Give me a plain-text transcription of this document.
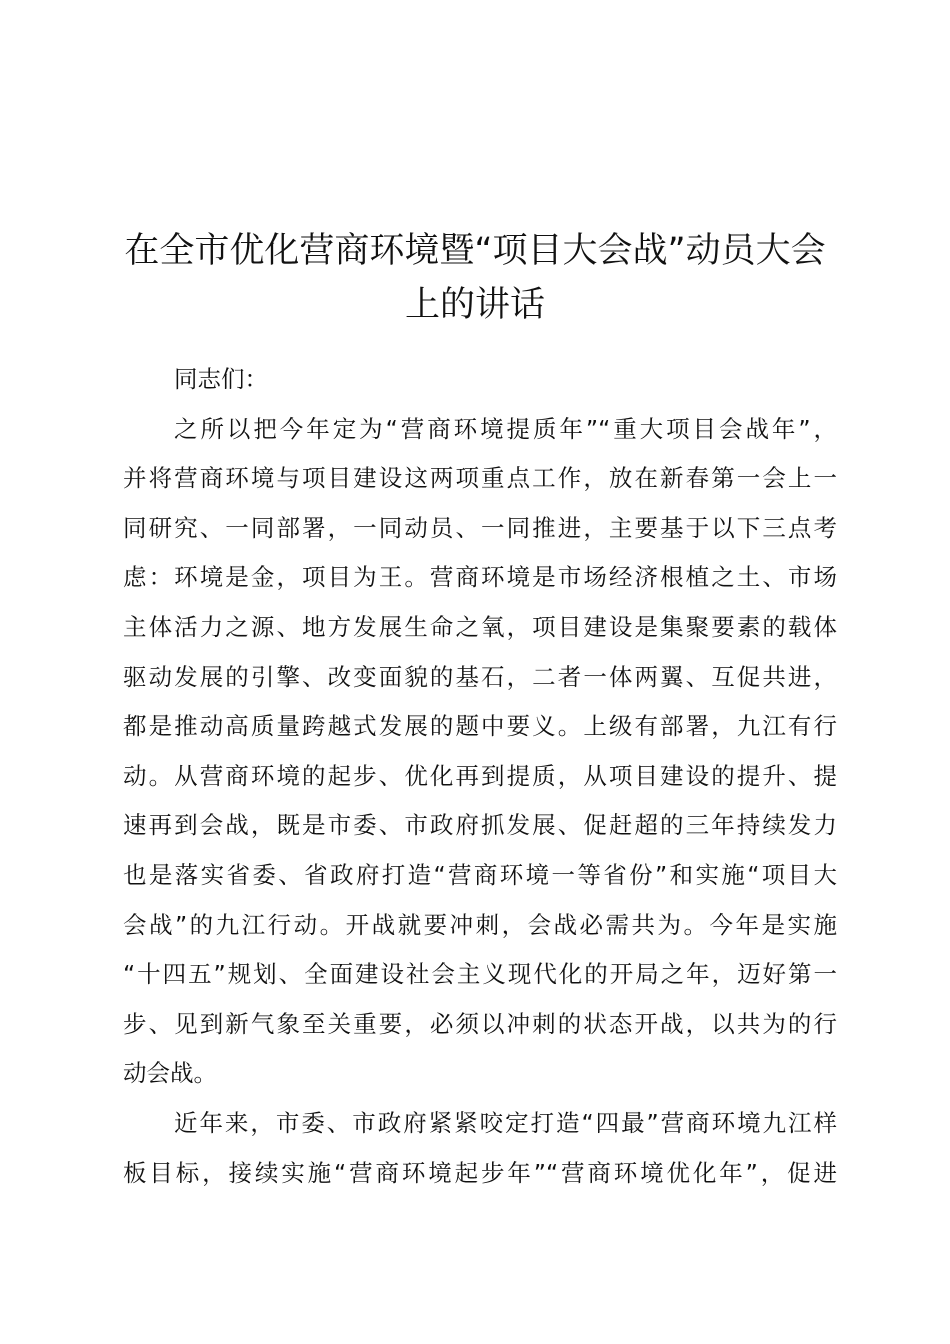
在全市优化营商环境暨“项目大会战”动员大会
上的讲话
同志们：
之所以把今年定为“营商环境提质年”“重大项目会战年”，
并将营商环境与项目建设这两项重点工作，放在新春第一会上一
同研究、一同部署，一同动员、一同推进，主要基于以下三点考
虑：环境是金，项目为王。营商环境是市场经济根植之土、市场
主体活力之源、地方发展生命之氧，项目建设是集聚要素的载体
驱动发展的引擎、改变面貌的基石，二者一体两翼、互促共进，
都是推动高质量跨越式发展的题中要义。上级有部署，九江有行
动。从营商环境的起步、优化再到提质，从项目建设的提升、提
速再到会战，既是市委、市政府抓发展、促赶超的三年持续发力
也是落实省委、省政府打造“营商环境一等省份”和实施“项目大
会战”的九江行动。开战就要冲刺，会战必需共为。今年是实施
“十四五”规划、全面建设社会主义现代化的开局之年，迈好第一
步、见到新气象至关重要，必须以冲刺的状态开战，以共为的行
动会战。
近年来，市委、市政府紧紧咬定打造“四最”营商环境九江样
板目标，接续实施“营商环境起步年”“营商环境优化年”，促进
